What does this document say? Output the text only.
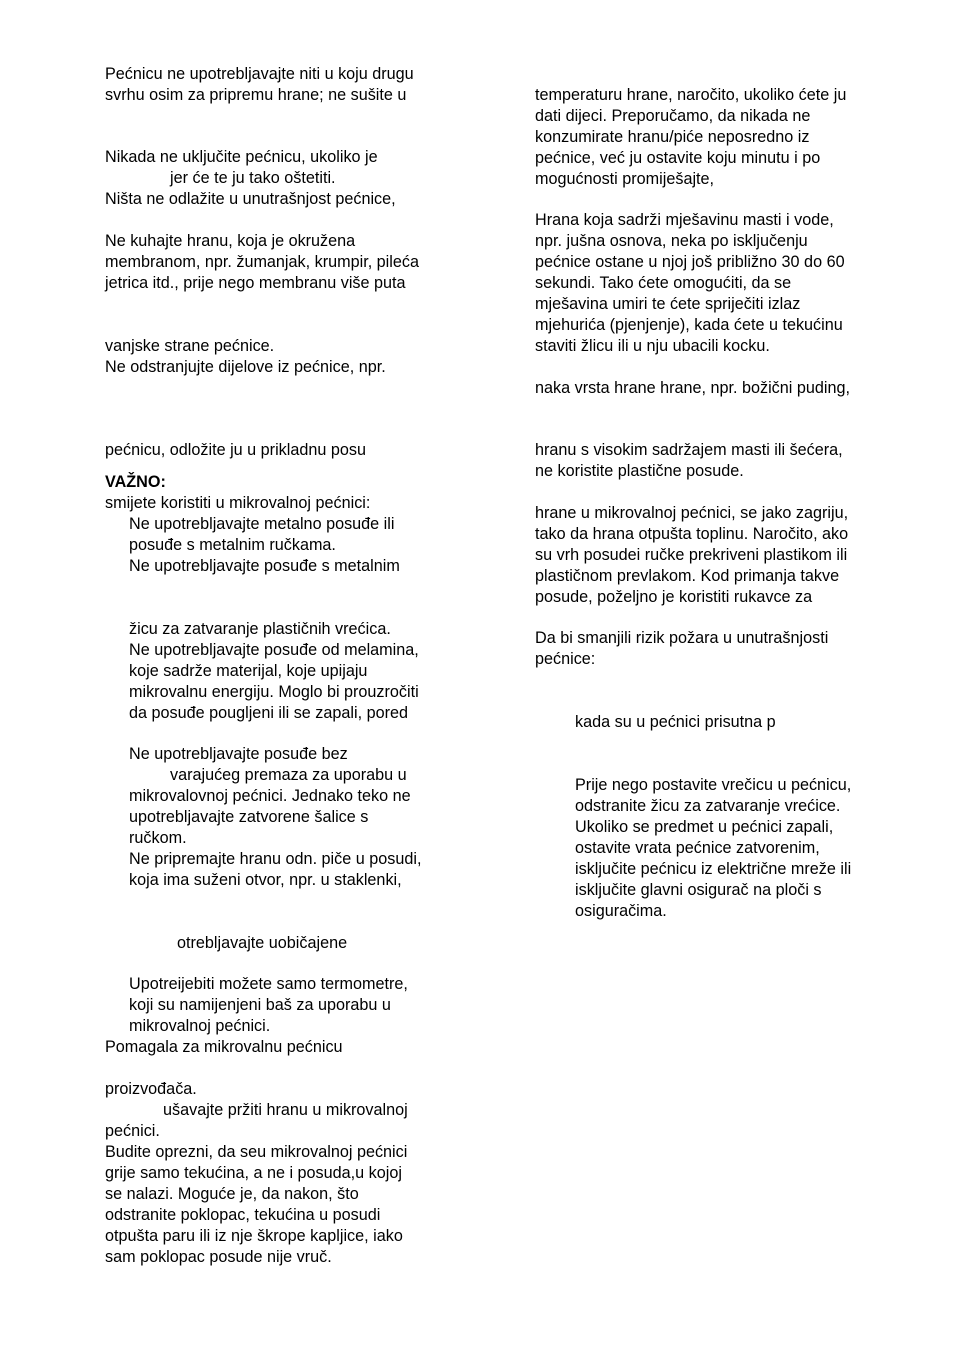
Pećnicu ne upotrebljavajte niti u koju drugu
svrhu osim za pripremu hrane; ne sušite u
Nikada ne uključite pećnicu, ukoliko je
jer će te ju tako oštetiti.
Ništa ne odlažite u unutrašnjost pećnice,
Ne kuhajte hranu, koja je okružena
membranom, npr. žumanjak, krumpir, pileća
jetrica itd., prije nego membranu više puta
vanjske strane pećnice.
Ne odstranjujte dijelove iz pećnice, npr.
pećnicu, odložite ju u prikladnu posu
VAŽNO:
smijete koristiti u mikrovalnoj pećnici:
Ne upotrebljavajte metalno posuđe ili
posuđe s metalnim ručkama.
Ne upotrebljavajte posuđe s metalnim
žicu za zatvaranje plastičnih vrećica.
Ne upotrebljavajte posuđe od melamina,
koje sadrže materijal, koje upijaju
mikrovalnu energiju. Moglo bi prouzročiti
da posuđe pougljeni ili se zapali, pored
Ne upotrebljavajte posuđe bez
varajućeg premaza za uporabu u
mikrovalovnoj pećnici. Jednako teko ne
upotrebljavajte zatvorene šalice s
ručkom.
Ne pripremajte hranu odn. piče u posudi,
koja ima suženi otvor, npr. u staklenki,
otrebljavajte uobičajene
Upotreijebiti možete samo termometre,
koji su namijenjeni baš za uporabu u
mikrovalnoj pećnici.
Pomagala za mikrovalnu pećnicu
proizvođača.
ušavajte pržiti hranu u mikrovalnoj
pećnici.
Budite oprezni, da seu mikrovalnoj pećnici
grije samo tekućina, a ne i posuda,u kojoj
se nalazi. Moguće je, da nakon, što
odstranite poklopac, tekućina u posudi
otpušta paru ili iz nje škrope kapljice, iako
sam poklopac posude nije vruč.
temperaturu hrane, naročito, ukoliko ćete ju
dati dijeci. Preporučamo, da nikada ne
konzumirate hranu/piće neposredno iz
pećnice, već ju ostavite koju minutu i po
mogućnosti promiješajte,
Hrana koja sadrži mješavinu masti i vode,
npr. jušna osnova, neka po isključenju
pećnice ostane u njoj još približno 30 do 60
sekundi. Tako ćete omogućiti, da se
mješavina umiri te ćete spriječiti izlaz
mjehurića (pjenjenje), kada ćete u tekućinu
staviti žlicu ili u nju ubacili kocku.
naka vrsta hrane hrane, npr. božični puding,
hranu s visokim sadržajem masti ili šećera,
ne koristite plastične posude.
hrane u mikrovalnoj pećnici, se jako zagriju,
tako da hrana otpušta toplinu. Naročito, ako
su vrh posudei ručke prekriveni plastikom ili
plastičnom prevlakom. Kod primanja takve
posude, poželjno je koristiti rukavce za
Da bi smanjili rizik požara u unutrašnjosti
pećnice:
kada su u pećnici prisutna p
Prije nego postavite vrečicu u pećnicu,
odstranite žicu za zatvaranje vrećice.
Ukoliko se predmet u pećnici zapali,
ostavite vrata pećnice zatvorenim,
isključite pećnicu iz električne mreže ili
isključite glavni osigurač na ploči s
osiguračima.
